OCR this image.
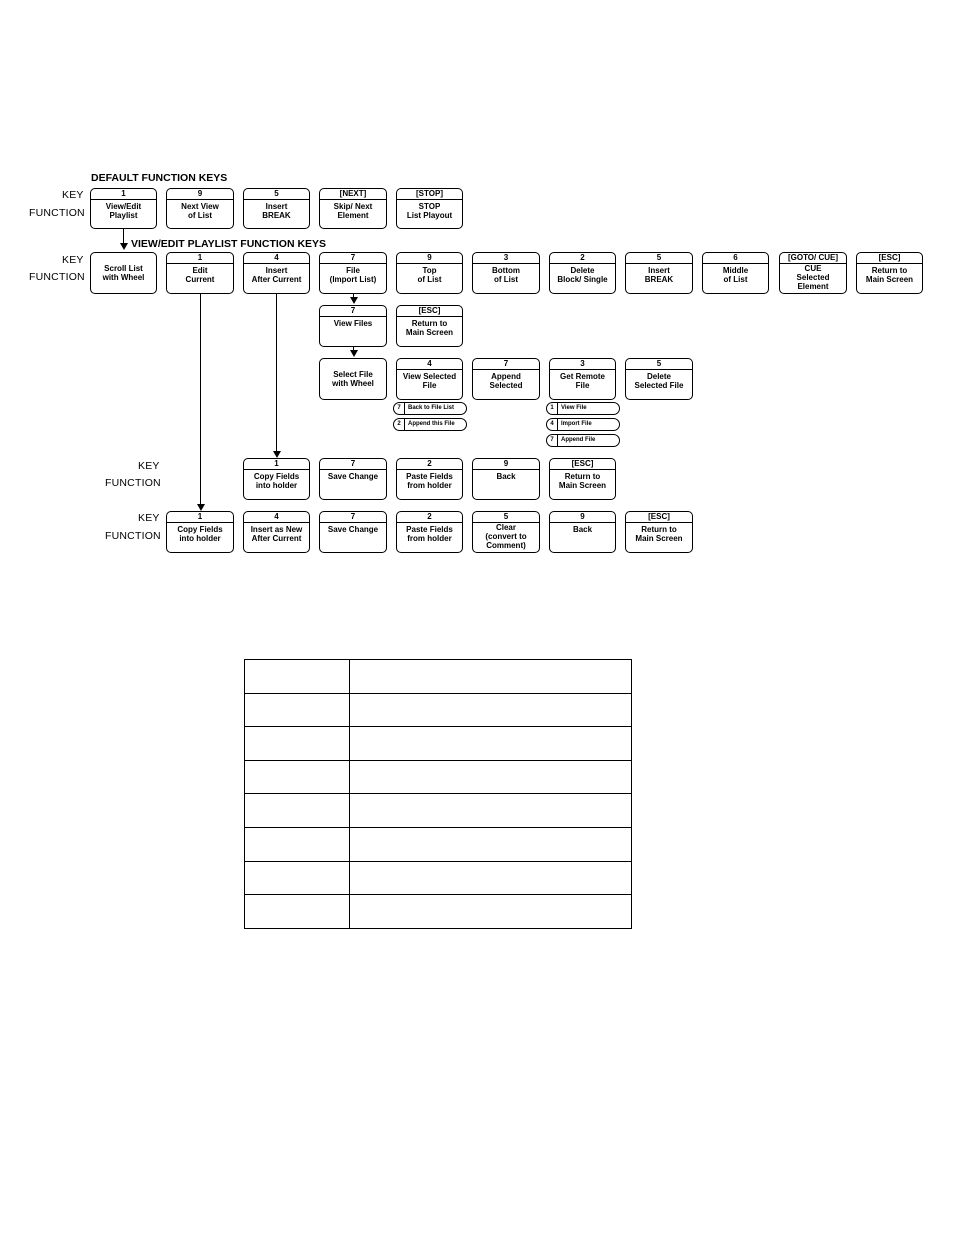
DEFAULT FUNCTION KEYS
VIEW/EDIT PLAYLIST FUNCTION KEYS
KEY
FUNCTION
KEY
FUNCTION
KEY
FUNCTION
KEY
FUNCTION
1
View/Edit
Playlist
9
Next View
of List
5
Insert
BREAK
[NEXT]
Skip/ Next
Element
[STOP]
STOP
List Playout
Scroll List
with Wheel
1
Edit
Current
4
Insert
After Current
7
File
(Import List)
9
Top
of List
3
Bottom
of List
2
Delete
Block/ Single
5
Insert
BREAK
6
Middle
of List
[GOTO/ CUE]
CUE
Selected
Element
[ESC]
Return to
Main Screen
7
View Files
[ESC]
Return to
Main Screen
Select File
with Wheel
4
View Selected
File
7
Append
Selected
3
Get Remote
File
5
Delete
Selected File
7 Back to File List
2 Append this File
1 View File
4 Import File
7 Append File
1
Copy Fields
into holder
7
Save Change
2
Paste Fields
from holder
9
Back
[ESC]
Return to
Main Screen
1
Copy Fields
into holder
4
Insert as New
After Current
7
Save Change
2
Paste Fields
from holder
5
Clear
(convert to
Comment)
9
Back
[ESC]
Return to
Main Screen
